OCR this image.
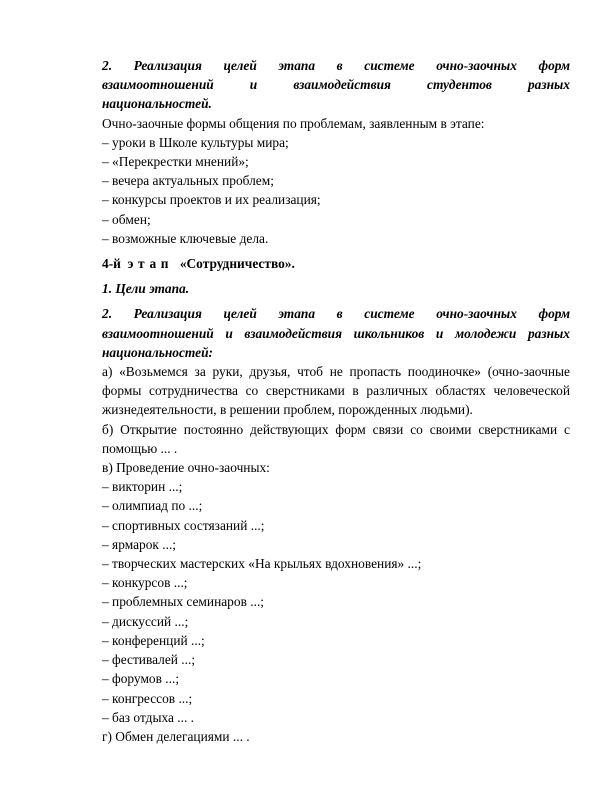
2. Реализация целей этапа в системе очно-заочных форм

взаимоотношений и взаимодействия студентов разных

национальностей.

Очно-заочные формы общения по проблемам, заявленным в этапе:

– уроки в Школе культуры мира;

– «Перекрестки мнений»;

– вечера актуальных проблем;

– конкурсы проектов и их реализация;

– обмен;

– возможные ключевые дела.

4-й этап «Сотрудничество».

1. Цели этапа.

2. Реализация целей этапа в системе очно-заочных форм

взаимоотношений и взаимодействия школьников и молодежи разных

национальностей:

а) «Возьмемся за руки, друзья, чтоб не пропасть поодиночке» (очно-заочные

формы сотрудничества со сверстниками в различных областях человеческой

жизнедеятельности, в решении проблем, порожденных людьми).

б) Открытие постоянно действующих форм связи со своими сверстниками с

помощью ... .

в) Проведение очно-заочных:

– викторин ...;

– олимпиад по ...;

– спортивных состязаний ...;

– ярмарок ...;

– творческих мастерских «На крыльях вдохновения» ...;

– конкурсов ...;

– проблемных семинаров ...;

– дискуссий ...;

– конференций ...;

– фестивалей ...;

– форумов ...;

– конгрессов ...;

– баз отдыха ... .

г) Обмен делегациями ... .
